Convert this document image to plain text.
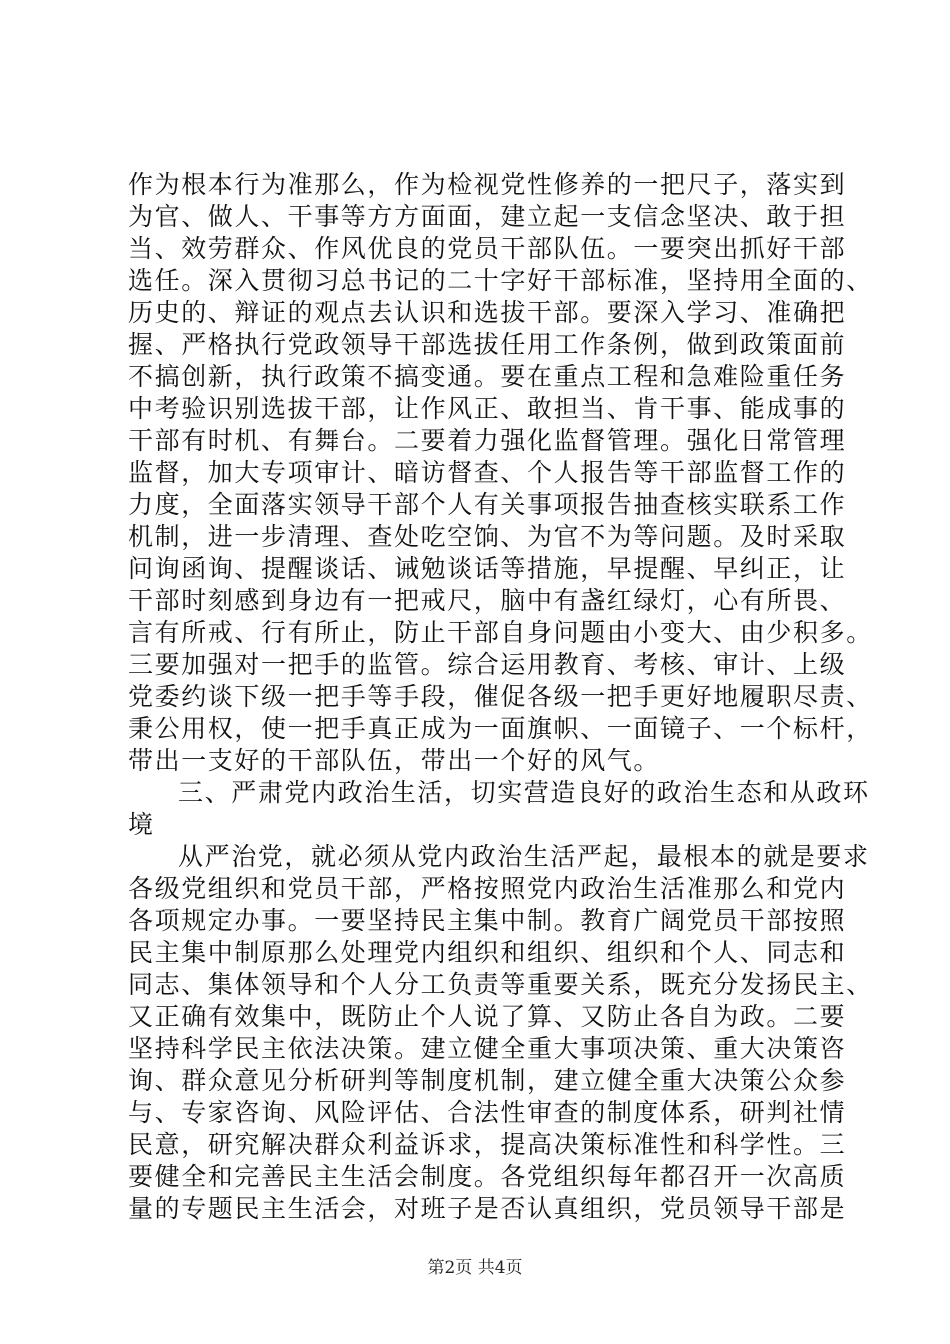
作为根本行为准那么，作为检视党性修养的一把尺子，落实到
为官、做人、干事等方方面面，建立起一支信念坚决、敢于担
当、效劳群众、作风优良的党员干部队伍。一要突出抓好干部
选任。深入贯彻习总书记的二十字好干部标准，坚持用全面的、
历史的、辩证的观点去认识和选拔干部。要深入学习、准确把
握、严格执行党政领导干部选拔任用工作条例，做到政策面前
不搞创新，执行政策不搞变通。要在重点工程和急难险重任务
中考验识别选拔干部，让作风正、敢担当、肯干事、能成事的
干部有时机、有舞台。二要着力强化监督管理。强化日常管理
监督，加大专项审计、暗访督查、个人报告等干部监督工作的
力度，全面落实领导干部个人有关事项报告抽查核实联系工作
机制，进一步清理、查处吃空饷、为官不为等问题。及时采取
问询函询、提醒谈话、诫勉谈话等措施，早提醒、早纠正，让
干部时刻感到身边有一把戒尺，脑中有盏红绿灯，心有所畏、
言有所戒、行有所止，防止干部自身问题由小变大、由少积多。
三要加强对一把手的监管。综合运用教育、考核、审计、上级
党委约谈下级一把手等手段，催促各级一把手更好地履职尽责、
秉公用权，使一把手真正成为一面旗帜、一面镜子、一个标杆，
带出一支好的干部队伍，带出一个好的风气。
三、严肃党内政治生活，切实营造良好的政治生态和从政环
境
从严治党，就必须从党内政治生活严起，最根本的就是要求
各级党组织和党员干部，严格按照党内政治生活准那么和党内
各项规定办事。一要坚持民主集中制。教育广阔党员干部按照
民主集中制原那么处理党内组织和组织、组织和个人、同志和
同志、集体领导和个人分工负责等重要关系，既充分发扬民主、
又正确有效集中，既防止个人说了算、又防止各自为政。二要
坚持科学民主依法决策。建立健全重大事项决策、重大决策咨
询、群众意见分析研判等制度机制，建立健全重大决策公众参
与、专家咨询、风险评估、合法性审查的制度体系，研判社情
民意，研究解决群众利益诉求，提高决策标准性和科学性。三
要健全和完善民主生活会制度。各党组织每年都召开一次高质
量的专题民主生活会，对班子是否认真组织，党员领导干部是
第2页 共4页
